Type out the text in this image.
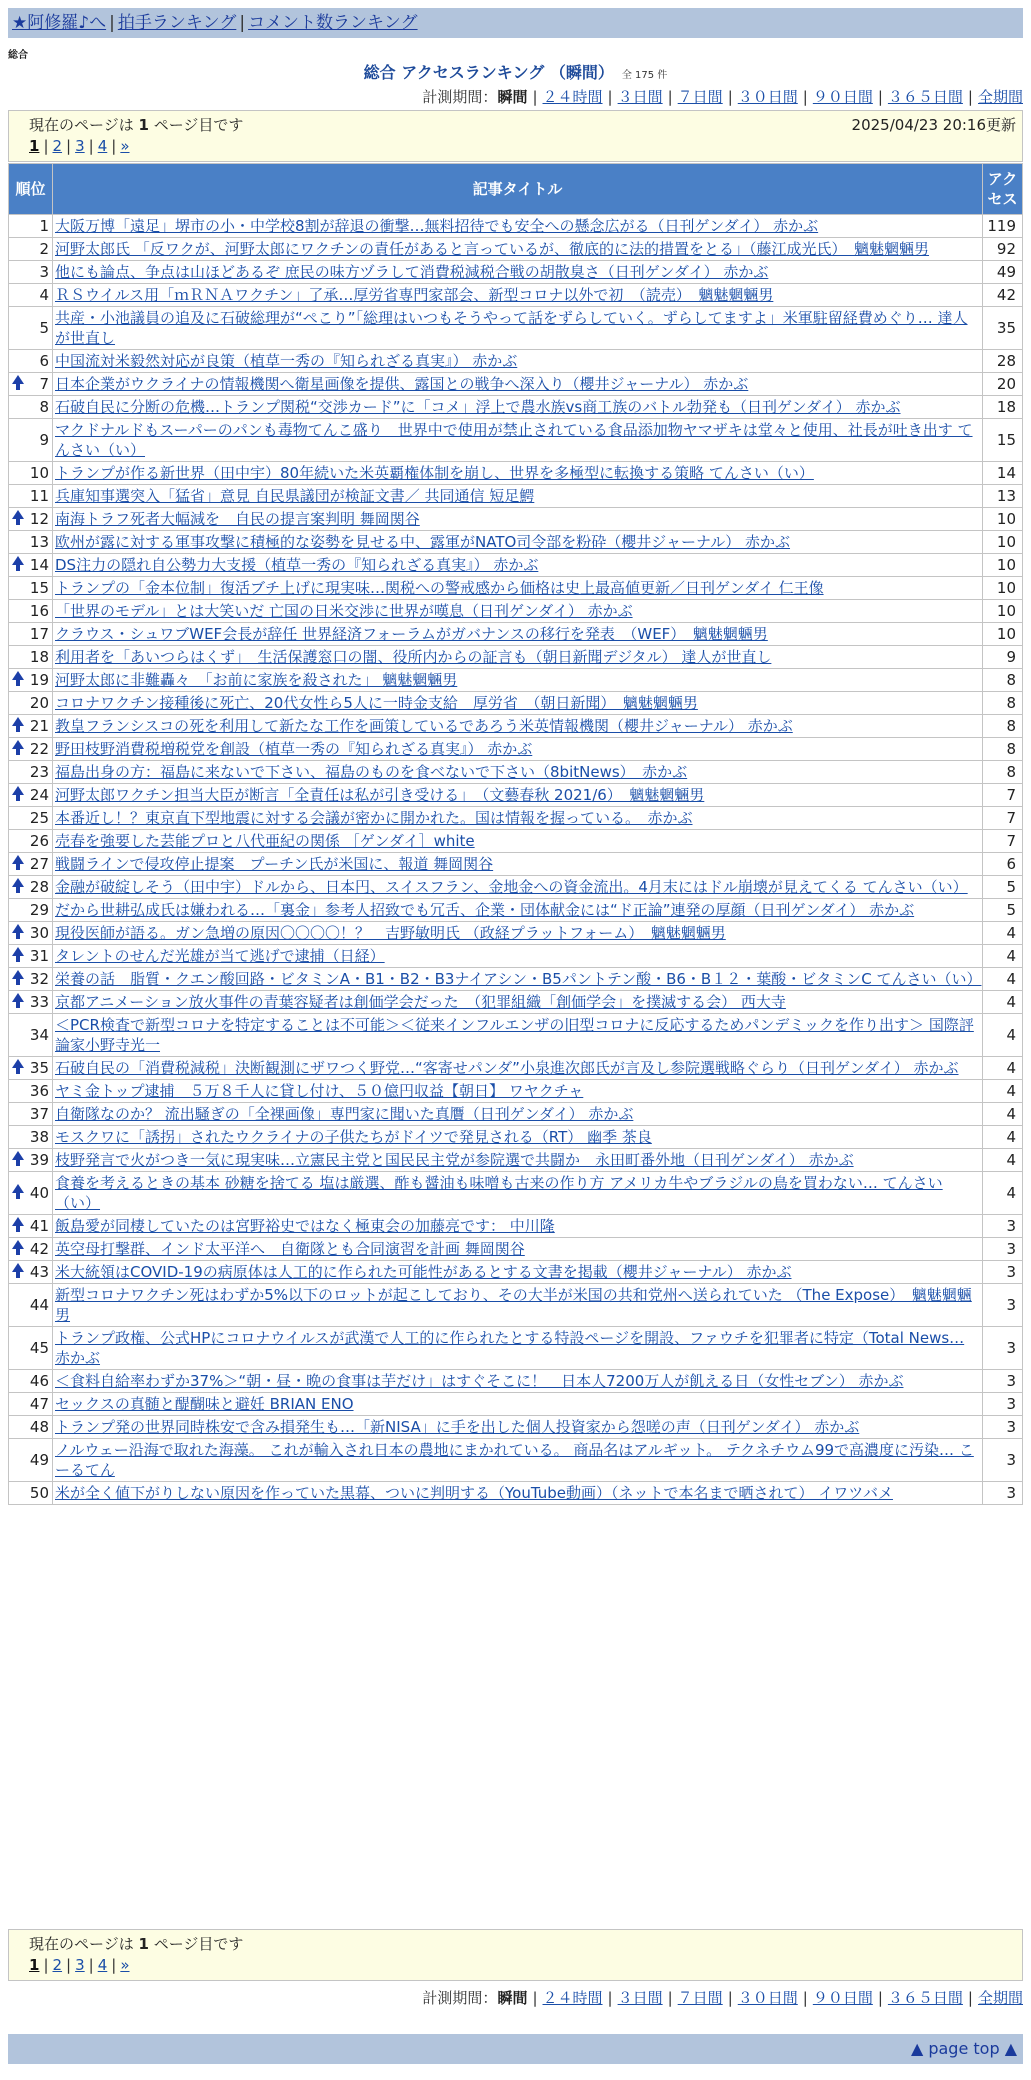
★阿修羅♪へ | 拍手ランキング | コメント数ランキング
総合
総合 アクセスランキング （瞬間） 全 175 件
計測期間：瞬間 | ２４時間 | ３日間 | ７日間 | ３０日間 | ９０日間 | ３６５日間 | 全期間
現在のページは 1 ページ目です	2025/04/23 20:16更新
1 | 2 | 3 | 4 | »
順位	記事タイトル	アクセス
1	大阪万博「遠足」堺市の小・中学校8割が辞退の衝撃…無料招待でも安全への懸念広がる（日刊ゲンダイ） 赤かぶ	119
2	河野太郎氏 「反ワクが、河野太郎にワクチンの責任があると言っているが、徹底的に法的措置をとる」（藤江成光氏）　魑魅魍魎男	92
3	他にも論点、争点は山ほどあるぞ 庶民の味方ヅラして消費税減税合戦の胡散臭さ（日刊ゲンダイ） 赤かぶ	49
4	ＲＳウイルス用「ｍＲＮＡワクチン」了承…厚労省専門家部会、新型コロナ以外で初　（読売）　魑魅魍魎男	42
5	共産・小池議員の追及に石破総理が“ぺこり”「総理はいつもそうやって話をずらしていく。ずらしてますよ」米軍駐留経費めぐり… 達人が世直し	35
6	中国流対米毅然対応が良策（植草一秀の『知られざる真実』） 赤かぶ	28

7	日本企業がウクライナの情報機関へ衛星画像を提供、露国との戦争へ深入り（櫻井ジャーナル） 赤かぶ	20
8	石破自民に分断の危機…トランプ関税“交渉カード”に「コメ」浮上で農水族vs商工族のバトル勃発も（日刊ゲンダイ） 赤かぶ	18
9	マクドナルドもスーパーのパンも毒物てんこ盛り　世界中で使用が禁止されている食品添加物ヤマザキは堂々と使用、社長が吐き出す てんさい（い）	15
10	トランプが作る新世界（田中宇）80年続いた米英覇権体制を崩し、世界を多極型に転換する策略 てんさい（い）	14
11	兵庫知事選突入「猛省」意見 自民県議団が検証文書／ 共同通信 短足鰐	13

12	南海トラフ死者大幅減を　自民の提言案判明 舞岡関谷	10
13	欧州が露に対する軍事攻撃に積極的な姿勢を見せる中、露軍がNATO司令部を粉砕（櫻井ジャーナル） 赤かぶ	10

14	DS注力の隠れ自公勢力大支援（植草一秀の『知られざる真実』） 赤かぶ	10
15	トランプの「金本位制」復活ブチ上げに現実味…関税への警戒感から価格は史上最高値更新／日刊ゲンダイ 仁王像	10
16	「世界のモデル」とは大笑いだ 亡国の日米交渉に世界が嘆息（日刊ゲンダイ） 赤かぶ	10
17	クラウス・シュワブWEF会長が辞任 世界経済フォーラムがガバナンスの移行を発表　（WEF）　魑魅魍魎男	10
18	利用者を「あいつらはくず」　生活保護窓口の闇、役所内からの証言も（朝日新聞デジタル） 達人が世直し	9

19	河野太郎に非難轟々　「お前に家族を殺された」 魑魅魍魎男	8
20	コロナワクチン接種後に死亡、20代女性ら5人に一時金支給　厚労省　（朝日新聞）　魑魅魍魎男	8

21	教皇フランシスコの死を利用して新たな工作を画策しているであろう米英情報機関（櫻井ジャーナル） 赤かぶ	8

22	野田枝野消費税増税党を創設（植草一秀の『知られざる真実』） 赤かぶ	8
23	福島出身の方：福島に来ないで下さい、福島のものを食べないで下さい（8bitNews）　赤かぶ	8

24	河野太郎ワクチン担当大臣が断言「全責任は私が引き受ける」　（文藝春秋 2021/6）　魑魅魍魎男	7
25	本番近し！？東京直下型地震に対する会議が密かに開かれた。国は情報を握っている。　赤かぶ	7
26	売春を強要した芸能プロと八代亜紀の関係 ［ゲンダイ］white	7

27	戦闘ラインで侵攻停止提案　プーチン氏が米国に、報道 舞岡関谷	6

28	金融が破綻しそう（田中宇）ドルから、日本円、スイスフラン、金地金への資金流出。4月末にはドル崩壊が見えてくる てんさい（い）	5
29	だから世耕弘成氏は嫌われる…「裏金」参考人招致でも冗舌、企業・団体献金には“ド正論”連発の厚顔（日刊ゲンダイ） 赤かぶ	5

30	現役医師が語る。ガン急増の原因〇〇〇〇！？　吉野敏明氏 （政経プラットフォーム）　魑魅魍魎男	4

31	タレントのせんだ光雄が当て逃げで逮捕（日経）	4

32	栄養の話　脂質・クエン酸回路・ビタミンA・B1・B2・B3ナイアシン・B5パントテン酸・B6・B１２・葉酸・ビタミンC てんさい（い）	4

33	京都アニメーション放火事件の青葉容疑者は創価学会だった　（犯罪組織「創価学会」を撲滅する会） 西大寺	4
34	＜PCR検査で新型コロナを特定することは不可能＞＜従来インフルエンザの旧型コロナに反応するためパンデミックを作り出す＞ 国際評論家小野寺光一	4

35	石破自民の「消費税減税」決断観測にザワつく野党…“客寄せパンダ”小泉進次郎氏が言及し参院選戦略ぐらり（日刊ゲンダイ） 赤かぶ	4
36	ヤミ金トップ逮捕　５万８千人に貸し付け、５０億円収益【朝日】 ワヤクチャ	4
37	自衛隊なのか？ 流出騒ぎの「全裸画像」専門家に聞いた真贋（日刊ゲンダイ） 赤かぶ	4
38	モスクワに「誘拐」されたウクライナの子供たちがドイツで発見される（RT） 幽季 茶良	4

39	枝野発言で火がつき一気に現実味…立憲民主党と国民民主党が参院選で共闘か　永田町番外地（日刊ゲンダイ） 赤かぶ	4

40	食養を考えるときの基本 砂糖を捨てる 塩は厳選、酢も醤油も味噌も古来の作り方 アメリカ牛やブラジルの鳥を買わない… てんさい（い）	4

41	飯島愛が同棲していたのは宮野裕史ではなく極東会の加藤亮です： 中川隆	3

42	英空母打撃群、インド太平洋へ　自衛隊とも合同演習を計画 舞岡関谷	3

43	米大統領はCOVID-19の病原体は人工的に作られた可能性があるとする文書を掲載（櫻井ジャーナル） 赤かぶ	3
44	新型コロナワクチン死はわずか5%以下のロットが起こしており、その大半が米国の共和党州へ送られていた （The Expose）　魑魅魍魎男	3
45	トランプ政権、公式HPにコロナウイルスが武漢で人工的に作られたとする特設ページを開設、ファウチを犯罪者に特定（Total News… 赤かぶ	3
46	＜食料自給率わずか37%＞“朝・昼・晩の食事は芋だけ」はすぐそこに！　日本人7200万人が飢える日（女性セブン） 赤かぶ	3
47	セックスの真髄と醍醐味と避妊 BRIAN ENO	3
48	トランプ発の世界同時株安で含み損発生も…「新NISA」に手を出した個人投資家から怨嗟の声（日刊ゲンダイ） 赤かぶ	3
49	ノルウェー沿海で取れた海藻。 これが輸入され日本の農地にまかれている。 商品名はアルギット。 テクネチウム99で高濃度に汚染… こーるてん	3
50	米が全く値下がりしない原因を作っていた黒幕、ついに判明する（YouTube動画）（ネットで本名まで晒されて） イワツバメ	3
現在のページは 1 ページ目です
1 | 2 | 3 | 4 | »
計測期間：瞬間 | ２４時間 | ３日間 | ７日間 | ３０日間 | ９０日間 | ３６５日間 | 全期間
▲ page top ▲
